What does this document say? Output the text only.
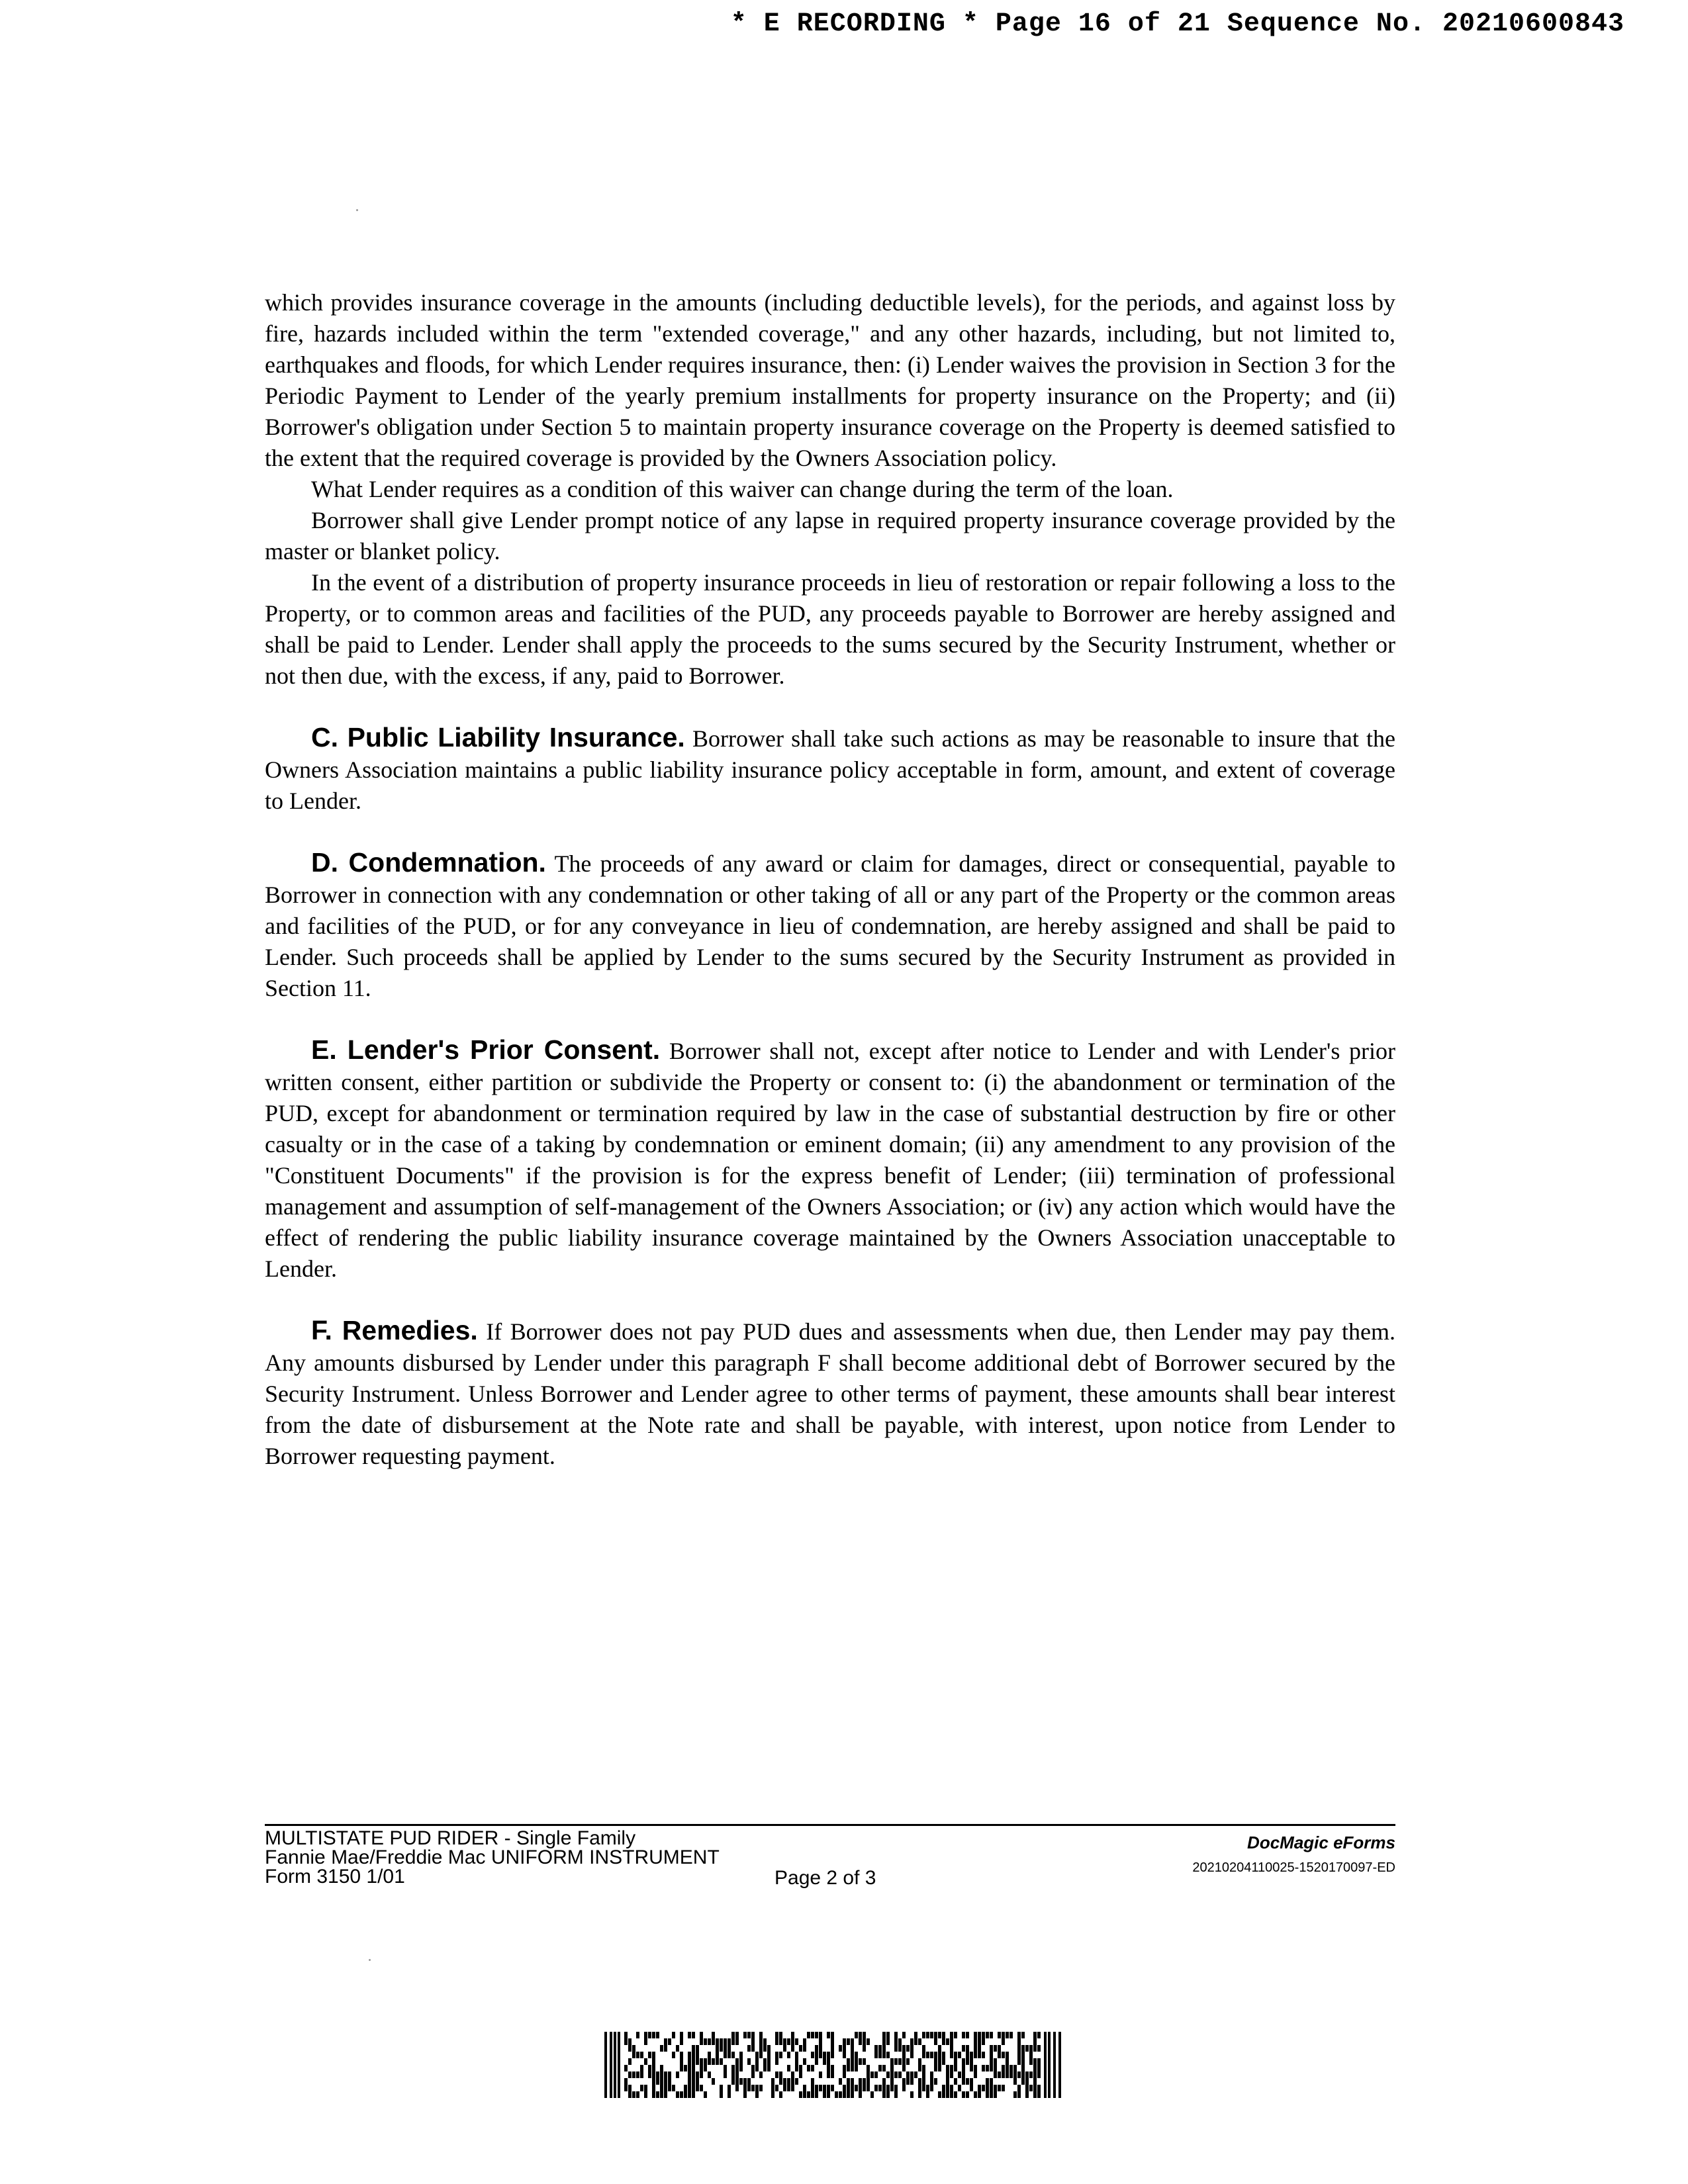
* E RECORDING * Page 16 of 21 Sequence No. 20210600843

which provides insurance coverage in the amounts (including deductible levels), for the periods, and against loss by fire, hazards included within the term "extended coverage," and any other hazards, including, but not limited to, earthquakes and floods, for which Lender requires insurance, then: (i) Lender waives the provision in Section 3 for the Periodic Payment to Lender of the yearly premium installments for property insurance on the Property; and (ii) Borrower's obligation under Section 5 to maintain property insurance coverage on the Property is deemed satisfied to the extent that the required coverage is provided by the Owners Association policy.

What Lender requires as a condition of this waiver can change during the term of the loan.

Borrower shall give Lender prompt notice of any lapse in required property insurance coverage provided by the master or blanket policy.

In the event of a distribution of property insurance proceeds in lieu of restoration or repair following a loss to the Property, or to common areas and facilities of the PUD, any proceeds payable to Borrower are hereby assigned and shall be paid to Lender. Lender shall apply the proceeds to the sums secured by the Security Instrument, whether or not then due, with the excess, if any, paid to Borrower.

C. Public Liability Insurance. Borrower shall take such actions as may be reasonable to insure that the Owners Association maintains a public liability insurance policy acceptable in form, amount, and extent of coverage to Lender.

D. Condemnation. The proceeds of any award or claim for damages, direct or consequential, payable to Borrower in connection with any condemnation or other taking of all or any part of the Property or the common areas and facilities of the PUD, or for any conveyance in lieu of condemnation, are hereby assigned and shall be paid to Lender. Such proceeds shall be applied by Lender to the sums secured by the Security Instrument as provided in Section 11.

E. Lender's Prior Consent. Borrower shall not, except after notice to Lender and with Lender's prior written consent, either partition or subdivide the Property or consent to: (i) the abandonment or termination of the PUD, except for abandonment or termination required by law in the case of substantial destruction by fire or other casualty or in the case of a taking by condemnation or eminent domain; (ii) any amendment to any provision of the "Constituent Documents" if the provision is for the express benefit of Lender; (iii) termination of professional management and assumption of self-management of the Owners Association; or (iv) any action which would have the effect of rendering the public liability insurance coverage maintained by the Owners Association unacceptable to Lender.

F. Remedies. If Borrower does not pay PUD dues and assessments when due, then Lender may pay them. Any amounts disbursed by Lender under this paragraph F shall become additional debt of Borrower secured by the Security Instrument. Unless Borrower and Lender agree to other terms of payment, these amounts shall bear interest from the date of disbursement at the Note rate and shall be payable, with interest, upon notice from Lender to Borrower requesting payment.

MULTISTATE PUD RIDER - Single Family
Fannie Mae/Freddie Mac UNIFORM INSTRUMENT
Form 3150 1/01	Page 2 of 3
DocMagic eForms
20210204110025-1520170097-ED
